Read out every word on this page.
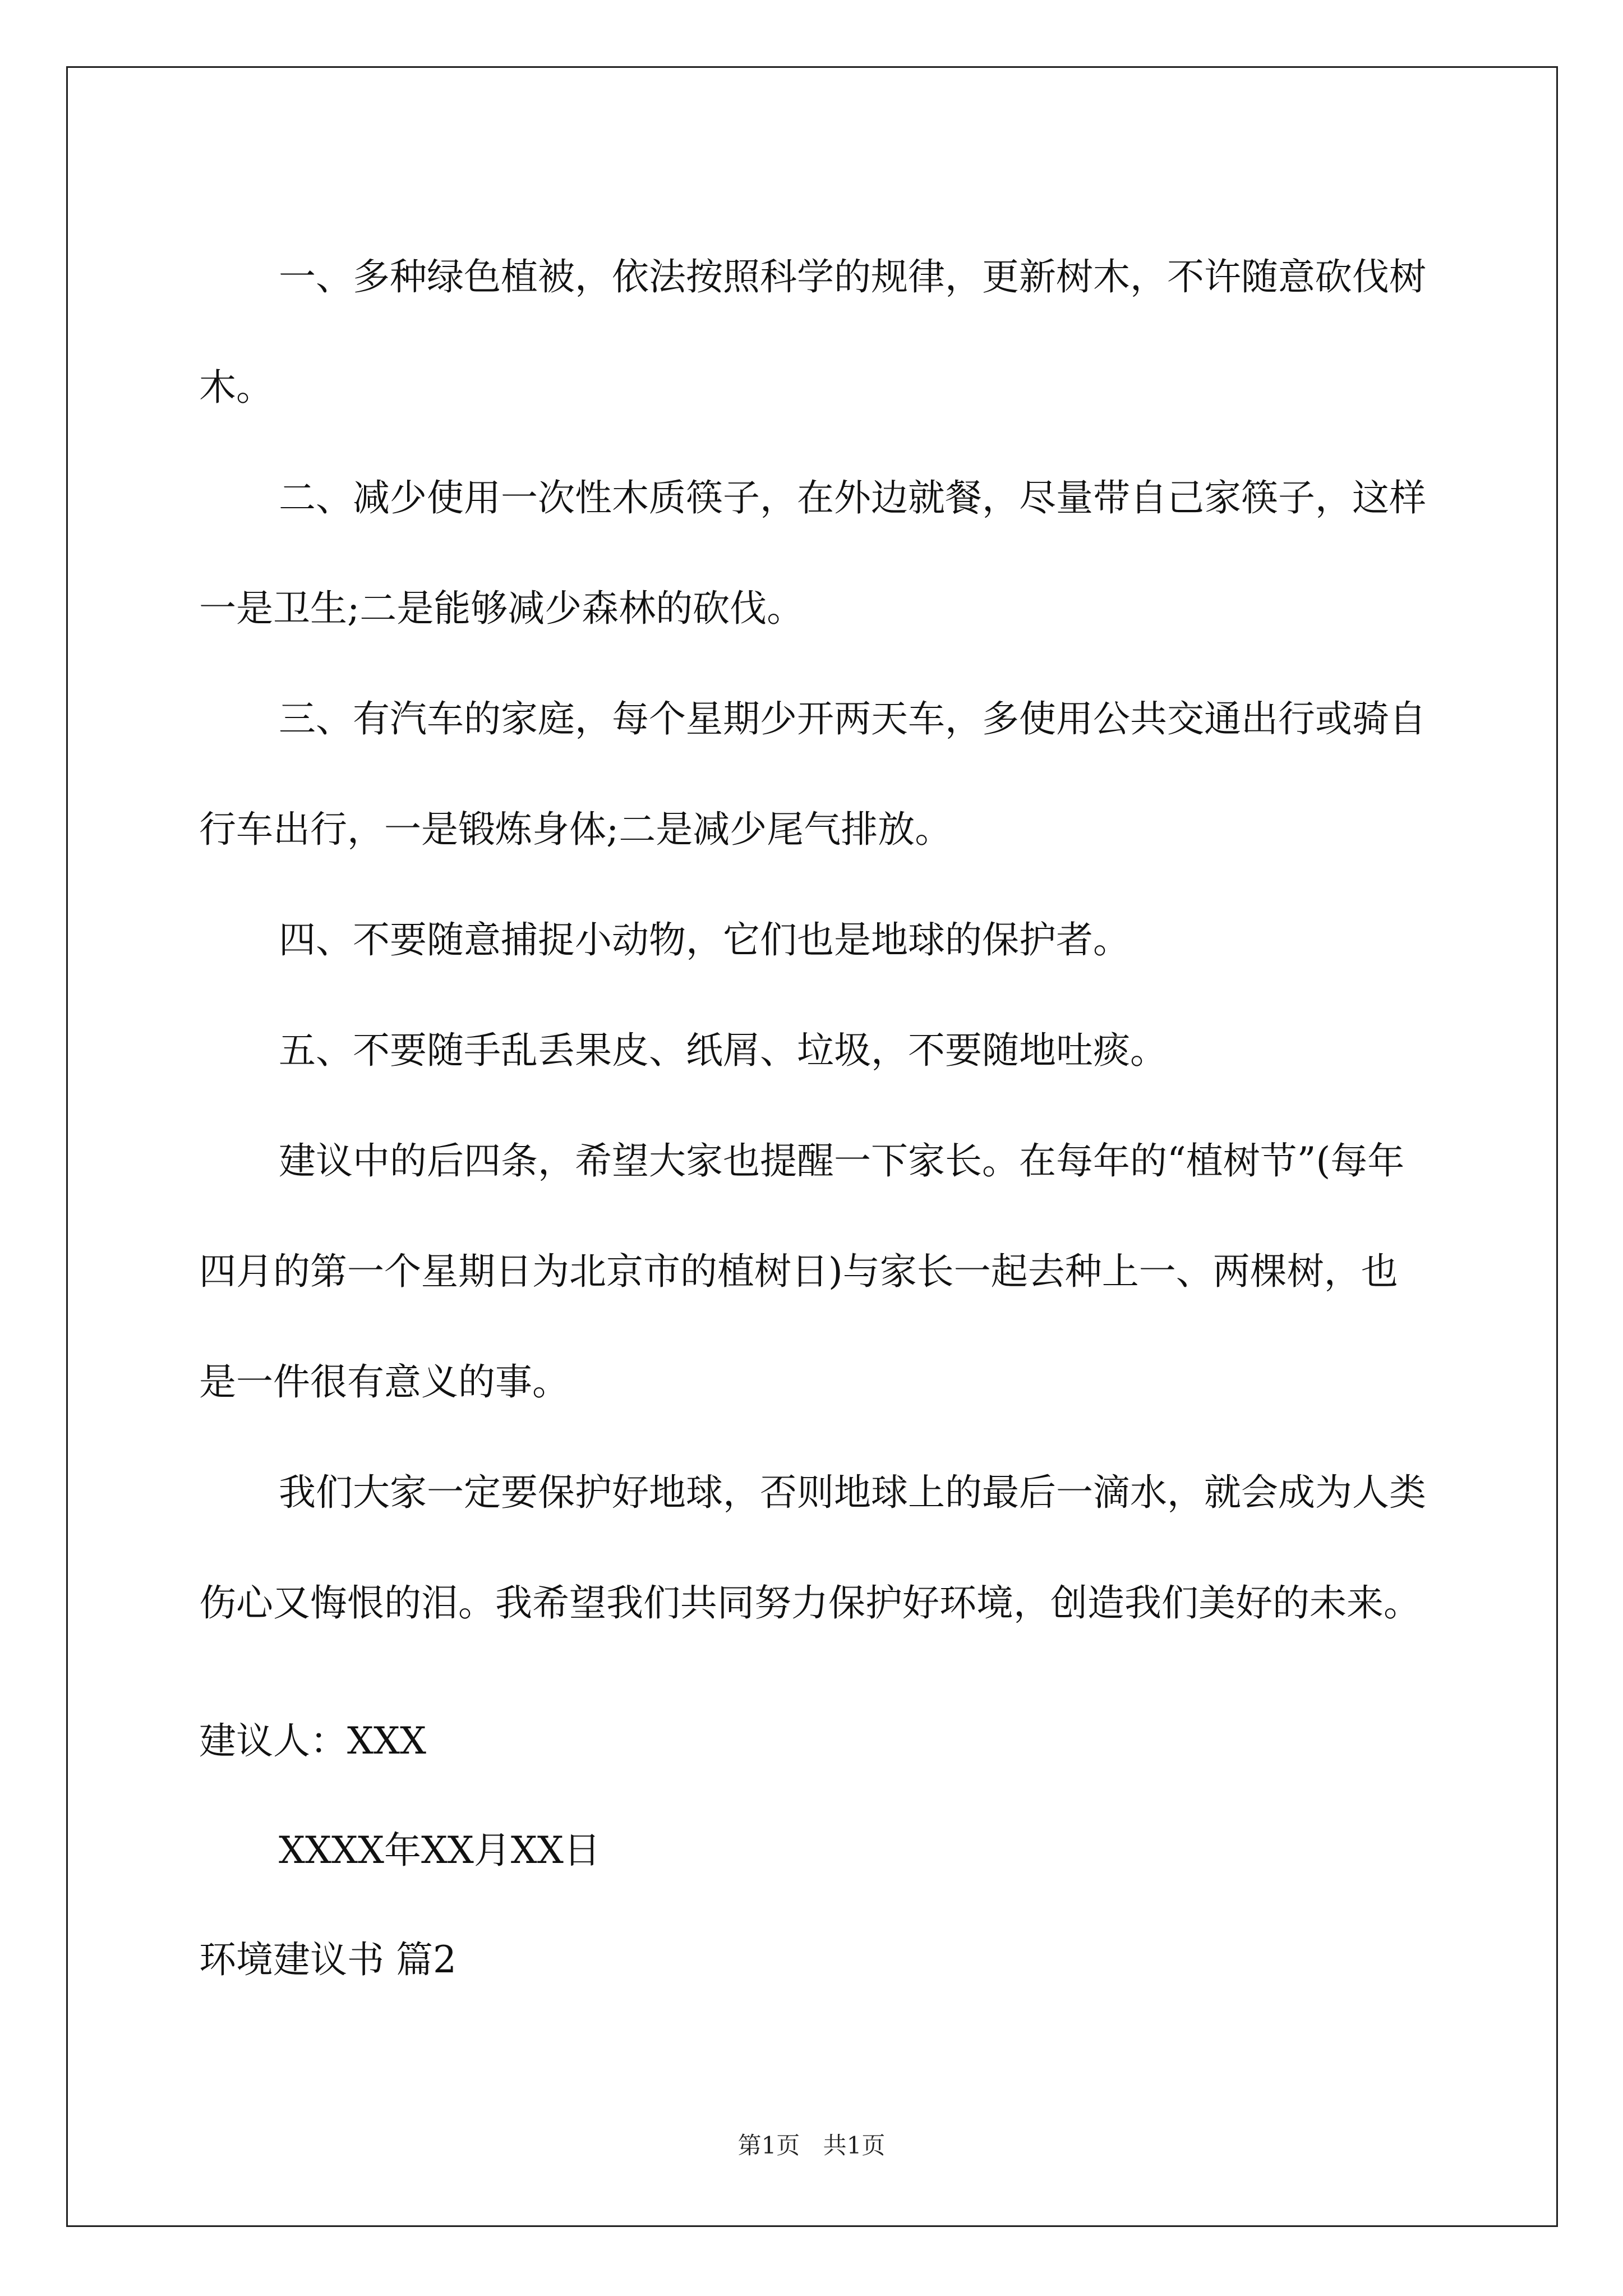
一、多种绿色植被，依法按照科学的规律，更新树木，不许随意砍伐树木。

二、减少使用一次性木质筷子，在外边就餐，尽量带自己家筷子，这样一是卫生;二是能够减少森林的砍伐。

三、有汽车的家庭，每个星期少开两天车，多使用公共交通出行或骑自行车出行，一是锻炼身体;二是减少尾气排放。

四、不要随意捕捉小动物，它们也是地球的保护者。

五、不要随手乱丢果皮、纸屑、垃圾，不要随地吐痰。

建议中的后四条，希望大家也提醒一下家长。在每年的“植树节”(每年四月的第一个星期日为北京市的植树日)与家长一起去种上一、两棵树，也是一件很有意义的事。

我们大家一定要保护好地球，否则地球上的最后一滴水，就会成为人类伤心又悔恨的泪。我希望我们共同努力保护好环境，创造我们美好的未来。

建议人：XXX

XXXX年XX月XX日

环境建议书 篇2

第1页 共1页
